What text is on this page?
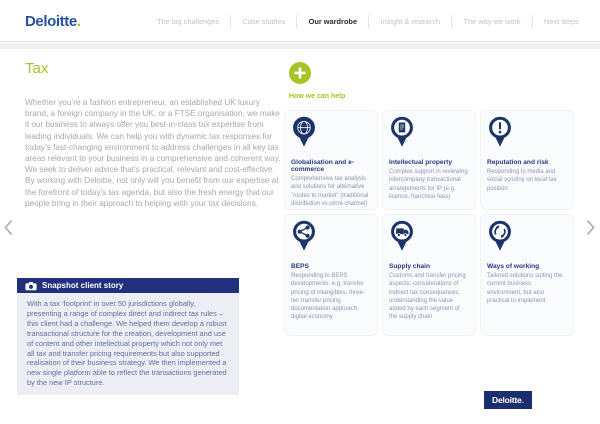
Deloitte.	The big challenges	Case studies	Our wardrobe	Insight & research	The way we work	Next steps
Tax
Whether you’re a fashion entrepreneur, an established UK luxury brand, a foreign company in the UK, or a FTSE organisation, we make it our business to always offer you best-in-class tax expertise from leading individuals. We can help you with dynamic tax responses for today’s fast-changing environment to address challenges in all key tax areas relevant to your business in a comprehensive and coherent way. We seek to deliver advice that’s practical, relevant and cost-effective. By working with Deloitte, not only will you benefit from our expertise at the forefront of today’s tax agenda, but also the fresh energy that our people bring in their approach to helping with your tax decisions.
Snapshot client story
With a tax ‘footprint’ in over 50 jurisdictions globally, presenting a range of complex direct and indirect tax rules – this client had a challenge. We helped them develop a robust transactional structure for the creation, development and use of content and other intellectual property which not only met all tax and transfer pricing requirements but also supported realisation of their business strategy. We then implemented a new single platform able to reflect the transactions generated by the new IP structure.
How we can help
Globalisation and e-commerce
Comprehensive tax analysis and solutions for alternative "routes to market" (traditional distribution vs.omni-channel)
Intellectual property
Complex support in reviewing intercompany transactional arrangements for IP (e.g. licence, franchise fees)
Reputation and risk
Responding to media and social scrutiny on local tax position
BEPS
Responding to BEPS developments: e.g. transfer pricing of intangibles, three-tier transfer pricing documentation approach; digital economy
Supply chain
Customs and transfer pricing aspects; considerations of indirect tax consequences; understanding the value added by each segment of the supply chain
Ways of working
Tailored solutions suiting the current business environment, but also practical to implement
Deloitte.
